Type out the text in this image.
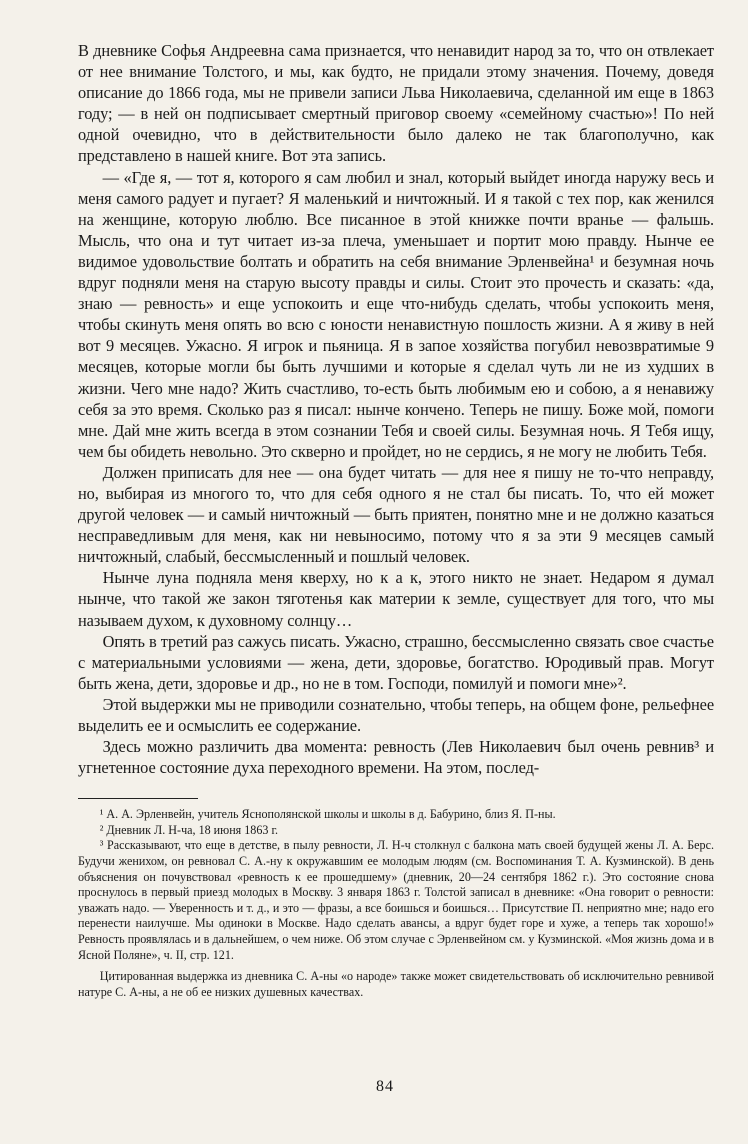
В дневнике Софья Андреевна сама признается, что ненавидит народ за то, что он отвлекает от нее внимание Толстого, и мы, как будто, не придали этому значения. Почему, доведя описание до 1866 года, мы не привели записи Льва Николаевича, сделанной им еще в 1863 году; — в ней он подписывает смертный приговор своему «семейному счастью»! По ней одной очевидно, что в действительности было далеко не так благополучно, как представлено в нашей книге. Вот эта запись.

— «Где я, — тот я, которого я сам любил и знал, который выйдет иногда наружу весь и меня самого радует и пугает? Я маленький и ничтожный. И я такой с тех пор, как женился на женщине, которую люблю. Все писанное в этой книжке почти вранье — фальшь. Мысль, что она и тут читает из-за плеча, уменьшает и портит мою правду. Нынче ее видимое удовольствие болтать и обратить на себя внимание Эрленвейна¹ и безумная ночь вдруг подняли меня на старую высоту правды и силы. Стоит это прочесть и сказать: «да, знаю — ревность» и еще успокоить и еще что-нибудь сделать, чтобы успокоить меня, чтобы скинуть меня опять во всю с юности ненавистную пошлость жизни. А я живу в ней вот 9 месяцев. Ужасно. Я игрок и пьяница. Я в запое хозяйства погубил невозвратимые 9 месяцев, которые могли бы быть лучшими и которые я сделал чуть ли не из худших в жизни. Чего мне надо? Жить счастливо, то-есть быть любимым ею и собою, а я ненавижу себя за это время. Сколько раз я писал: нынче кончено. Теперь не пишу. Боже мой, помоги мне. Дай мне жить всегда в этом сознании Тебя и своей силы. Безумная ночь. Я Тебя ищу, чем бы обидеть невольно. Это скверно и пройдет, но не сердись, я не могу не любить Тебя.

Должен приписать для нее — она будет читать — для нее я пишу не то-что неправду, но, выбирая из многого то, что для себя одного я не стал бы писать. То, что ей может другой человек — и самый ничтожный — быть приятен, понятно мне и не должно казаться несправедливым для меня, как ни невыносимо, потому что я за эти 9 месяцев самый ничтожный, слабый, бессмысленный и пошлый человек.

Нынче луна подняла меня кверху, но к а к, этого никто не знает. Недаром я думал нынче, что такой же закон тяготенья как материи к земле, существует для того, что мы называем духом, к духовному солнцу…

Опять в третий раз сажусь писать. Ужасно, страшно, бессмысленно связать свое счастье с материальными условиями — жена, дети, здоровье, богатство. Юродивый прав. Могут быть жена, дети, здоровье и др., но не в том. Господи, помилуй и помоги мне»².

Этой выдержки мы не приводили сознательно, чтобы теперь, на общем фоне, рельефнее выделить ее и осмыслить ее содержание.

Здесь можно различить два момента: ревность (Лев Николаевич был очень ревнив³ и угнетенное состояние духа переходного времени. На этом, послед-

¹ А. А. Эрленвейн, учитель Яснополянской школы и школы в д. Бабурино, близ Я. П-ны.

² Дневник Л. Н-ча, 18 июня 1863 г.

³ Рассказывают, что еще в детстве, в пылу ревности, Л. Н-ч столкнул с балкона мать своей будущей жены Л. А. Берс. Будучи женихом, он ревновал С. А.-ну к окружавшим ее молодым людям (см. Воспоминания Т. А. Кузминской). В день объяснения он почувствовал «ревность к ее прошедшему» (дневник, 20—24 сентября 1862 г.). Это состояние снова проснулось в первый приезд молодых в Москву. 3 января 1863 г. Толстой записал в дневнике: «Она говорит о ревности: уважать надо. — Уверенность и т. д., и это — фразы, а все боишься и боишься… Присутствие П. неприятно мне; надо его перенести наилучше. Мы одиноки в Москве. Надо сделать авансы, а вдруг будет горе и хуже, а теперь так хорошо!» Ревность проявлялась и в дальнейшем, о чем ниже. Об этом случае с Эрленвейном см. у Кузминской. «Моя жизнь дома и в Ясной Поляне», ч. II, стр. 121.

Цитированная выдержка из дневника С. А-ны «о народе» также может свидетельствовать об исключительно ревнивой натуре С. А-ны, а не об ее низких душевных качествах.

84
